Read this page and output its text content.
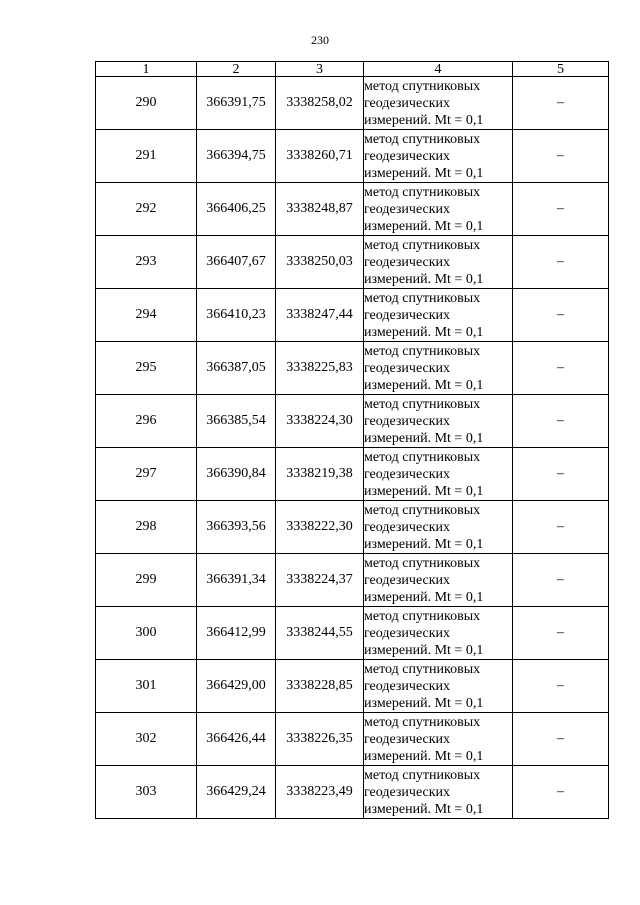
230
1	2	3	4	5
290	366391,75	3338258,02	метод спутниковых
геодезических
измерений. Mt = 0,1	–
291	366394,75	3338260,71	метод спутниковых
геодезических
измерений. Mt = 0,1	–
292	366406,25	3338248,87	метод спутниковых
геодезических
измерений. Mt = 0,1	–
293	366407,67	3338250,03	метод спутниковых
геодезических
измерений. Mt = 0,1	–
294	366410,23	3338247,44	метод спутниковых
геодезических
измерений. Mt = 0,1	–
295	366387,05	3338225,83	метод спутниковых
геодезических
измерений. Mt = 0,1	–
296	366385,54	3338224,30	метод спутниковых
геодезических
измерений. Mt = 0,1	–
297	366390,84	3338219,38	метод спутниковых
геодезических
измерений. Mt = 0,1	–
298	366393,56	3338222,30	метод спутниковых
геодезических
измерений. Mt = 0,1	–
299	366391,34	3338224,37	метод спутниковых
геодезических
измерений. Mt = 0,1	–
300	366412,99	3338244,55	метод спутниковых
геодезических
измерений. Mt = 0,1	–
301	366429,00	3338228,85	метод спутниковых
геодезических
измерений. Mt = 0,1	–
302	366426,44	3338226,35	метод спутниковых
геодезических
измерений. Mt = 0,1	–
303	366429,24	3338223,49	метод спутниковых
геодезических
измерений. Mt = 0,1	–
